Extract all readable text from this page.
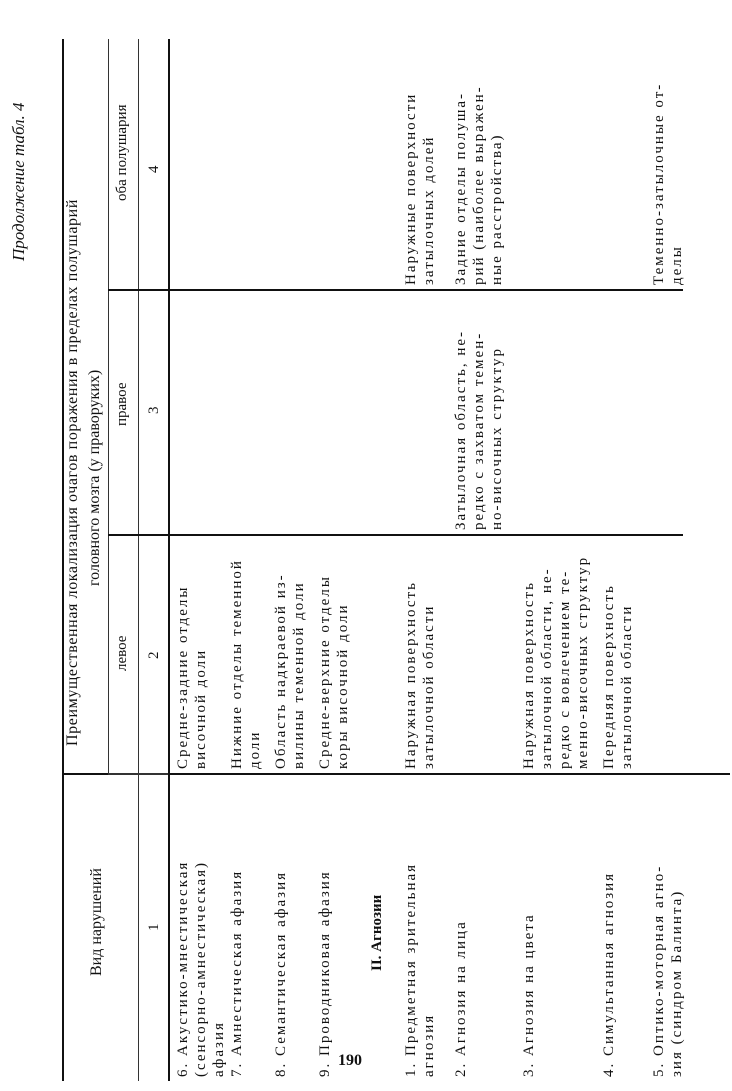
Продолжение табл. 4
Вид нарушений
Преимущественная локализация очагов поражения в пределах полушарий головного мозга (у праворуких)
левое
правое
оба полушария
1
2
3
4
6. Акустико-мнестическая (сенсорно-амнестическая) афазия
Средне-задние отделы височной доли
7. Амнестическая афазия
Нижние отделы теменной доли
8. Семантическая афазия
Область надкраевой из- вилины теменной доли
9. Проводниковая афазия
Средне-верхние отделы коры височной доли
II. Агнозии 1. Предметная зрительная агнозия
Наружная поверхность затылочной области
Наружные поверхности затылочных долей
2. Агнозия на лица
Затылочная область, не- редко с захватом темен- но-височных структур
Задние отделы полуша- рий (наиболее выражен- ные расстройства)
3. Агнозия на цвета
Наружная поверхность затылочной области, не- редко с вовлечением те- менно-височных структур
4. Симультанная агнозия
Передняя поверхность затылочной области
5. Оптико-моторная агно- зия (синдром Балинта)
Теменно-затылочные от- делы
190
